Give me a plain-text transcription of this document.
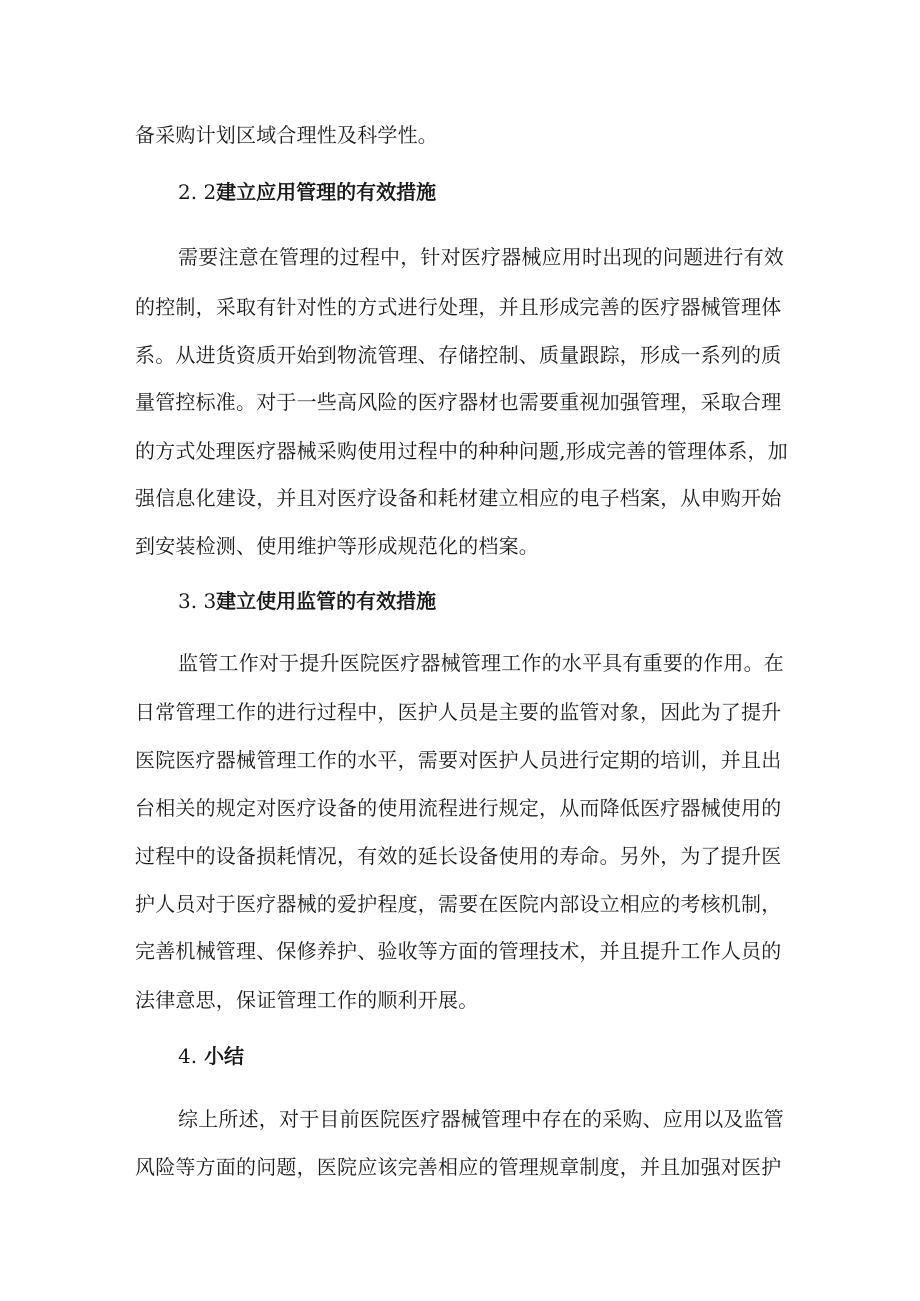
备采购计划区域合理性及科学性。
2. 2建立应用管理的有效措施
需要注意在管理的过程中，针对医疗器械应用时出现的问题进行有效
的控制，采取有针对性的方式进行处理，并且形成完善的医疗器械管理体
系。从进货资质开始到物流管理、存储控制、质量跟踪，形成一系列的质
量管控标准。对于一些高风险的医疗器材也需要重视加强管理，采取合理
的方式处理医疗器械采购使用过程中的种种问题,形成完善的管理体系，加
强信息化建设，并且对医疗设备和耗材建立相应的电子档案，从申购开始
到安装检测、使用维护等形成规范化的档案。
3. 3建立使用监管的有效措施
监管工作对于提升医院医疗器械管理工作的水平具有重要的作用。在
日常管理工作的进行过程中，医护人员是主要的监管对象，因此为了提升
医院医疗器械管理工作的水平，需要对医护人员进行定期的培训，并且出
台相关的规定对医疗设备的使用流程进行规定，从而降低医疗器械使用的
过程中的设备损耗情况，有效的延长设备使用的寿命。另外，为了提升医
护人员对于医疗器械的爱护程度，需要在医院内部设立相应的考核机制，
完善机械管理、保修养护、验收等方面的管理技术，并且提升工作人员的
法律意思，保证管理工作的顺利开展。
4. 小结
综上所述，对于目前医院医疗器械管理中存在的采购、应用以及监管
风险等方面的问题，医院应该完善相应的管理规章制度，并且加强对医护
